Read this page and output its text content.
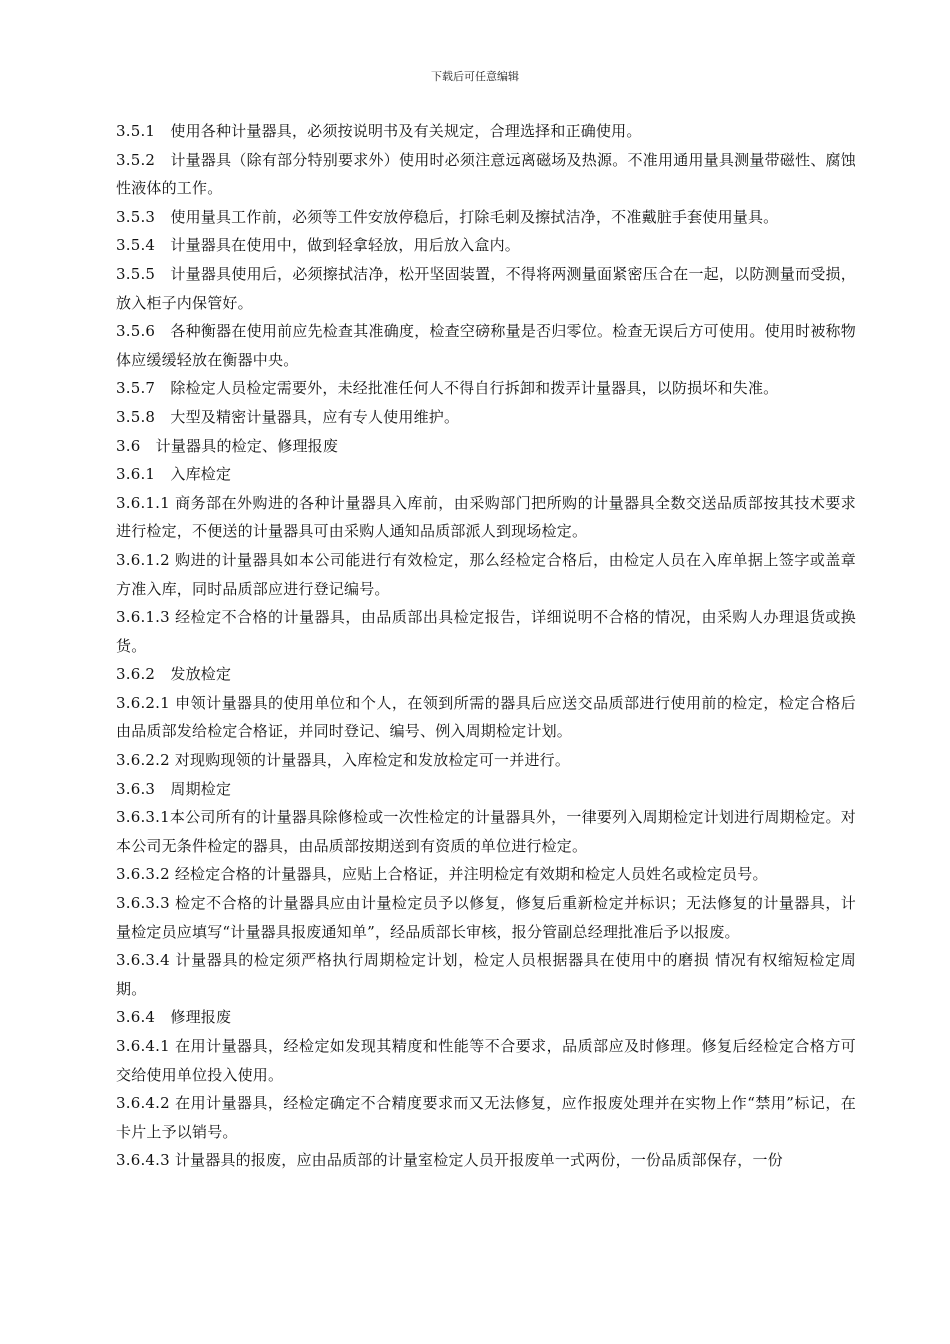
下载后可任意编辑

3.5.1　使用各种计量器具，必须按说明书及有关规定，合理选择和正确使用。

3.5.2　计量器具（除有部分特别要求外）使用时必须注意远离磁场及热源。不准用通用量具测量带磁性、腐蚀性液体的工作。

3.5.3　使用量具工作前，必须等工件安放停稳后，打除毛刺及擦拭洁净，不准戴脏手套使用量具。

3.5.4　计量器具在使用中，做到轻拿轻放，用后放入盒内。

3.5.5　计量器具使用后，必须擦拭洁净，松开坚固装置，不得将两测量面紧密压合在一起，以防测量而受损，放入柜子内保管好。

3.5.6　各种衡器在使用前应先检查其准确度，检查空磅称量是否归零位。检查无误后方可使用。使用时被称物体应缓缓轻放在衡器中央。

3.5.7　除检定人员检定需要外，未经批准任何人不得自行拆卸和拨弄计量器具，以防损坏和失准。

3.5.8　大型及精密计量器具，应有专人使用维护。

3.6　计量器具的检定、修理报废

3.6.1　入库检定

3.6.1.1 商务部在外购进的各种计量器具入库前，由采购部门把所购的计量器具全数交送品质部按其技术要求进行检定，不便送的计量器具可由采购人通知品质部派人到现场检定。

3.6.1.2 购进的计量器具如本公司能进行有效检定，那么经检定合格后，由检定人员在入库单据上签字或盖章方准入库，同时品质部应进行登记编号。

3.6.1.3 经检定不合格的计量器具，由品质部出具检定报告，详细说明不合格的情况，由采购人办理退货或换货。

3.6.2　发放检定

3.6.2.1 申领计量器具的使用单位和个人，在领到所需的器具后应送交品质部进行使用前的检定，检定合格后由品质部发给检定合格证，并同时登记、编号、例入周期检定计划。

3.6.2.2 对现购现领的计量器具，入库检定和发放检定可一并进行。

3.6.3　周期检定

3.6.3.1本公司所有的计量器具除修检或一次性检定的计量器具外，一律要列入周期检定计划进行周期检定。对本公司无条件检定的器具，由品质部按期送到有资质的单位进行检定。

3.6.3.2 经检定合格的计量器具，应贴上合格证，并注明检定有效期和检定人员姓名或检定员号。

3.6.3.3 检定不合格的计量器具应由计量检定员予以修复，修复后重新检定并标识；无法修复的计量器具，计量检定员应填写“计量器具报废通知单”，经品质部长审核，报分管副总经理批准后予以报废。

3.6.3.4 计量器具的检定须严格执行周期检定计划，检定人员根据器具在使用中的磨损 情况有权缩短检定周期。

3.6.4　修理报废

3.6.4.1 在用计量器具，经检定如发现其精度和性能等不合要求，品质部应及时修理。修复后经检定合格方可交给使用单位投入使用。

3.6.4.2 在用计量器具，经检定确定不合精度要求而又无法修复，应作报废处理并在实物上作“禁用”标记，在卡片上予以销号。

3.6.4.3 计量器具的报废，应由品质部的计量室检定人员开报废单一式两份，一份品质部保存，一份
